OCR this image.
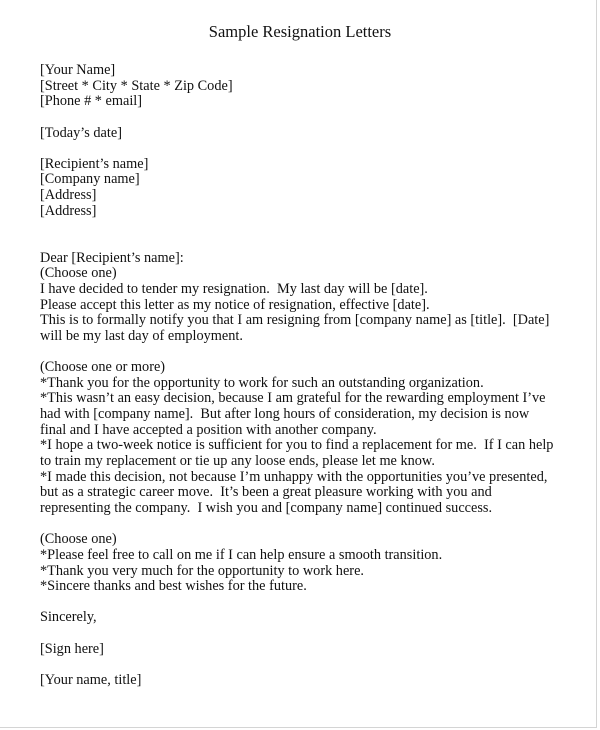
Sample Resignation Letters
[Your Name]
[Street * City * State * Zip Code]
[Phone # * email]
[Today’s date]
[Recipient’s name]
[Company name]
[Address]
[Address]
Dear [Recipient’s name]:
(Choose one)
I have decided to tender my resignation.  My last day will be [date].
Please accept this letter as my notice of resignation, effective [date].
This is to formally notify you that I am resigning from [company name] as [title].  [Date]
will be my last day of employment.
(Choose one or more)
*Thank you for the opportunity to work for such an outstanding organization.
*This wasn’t an easy decision, because I am grateful for the rewarding employment I’ve
had with [company name].  But after long hours of consideration, my decision is now
final and I have accepted a position with another company.
*I hope a two-week notice is sufficient for you to find a replacement for me.  If I can help
to train my replacement or tie up any loose ends, please let me know.
*I made this decision, not because I’m unhappy with the opportunities you’ve presented,
but as a strategic career move.  It’s been a great pleasure working with you and
representing the company.  I wish you and [company name] continued success.
(Choose one)
*Please feel free to call on me if I can help ensure a smooth transition.
*Thank you very much for the opportunity to work here.
*Sincere thanks and best wishes for the future.
Sincerely,
[Sign here]
[Your name, title]
